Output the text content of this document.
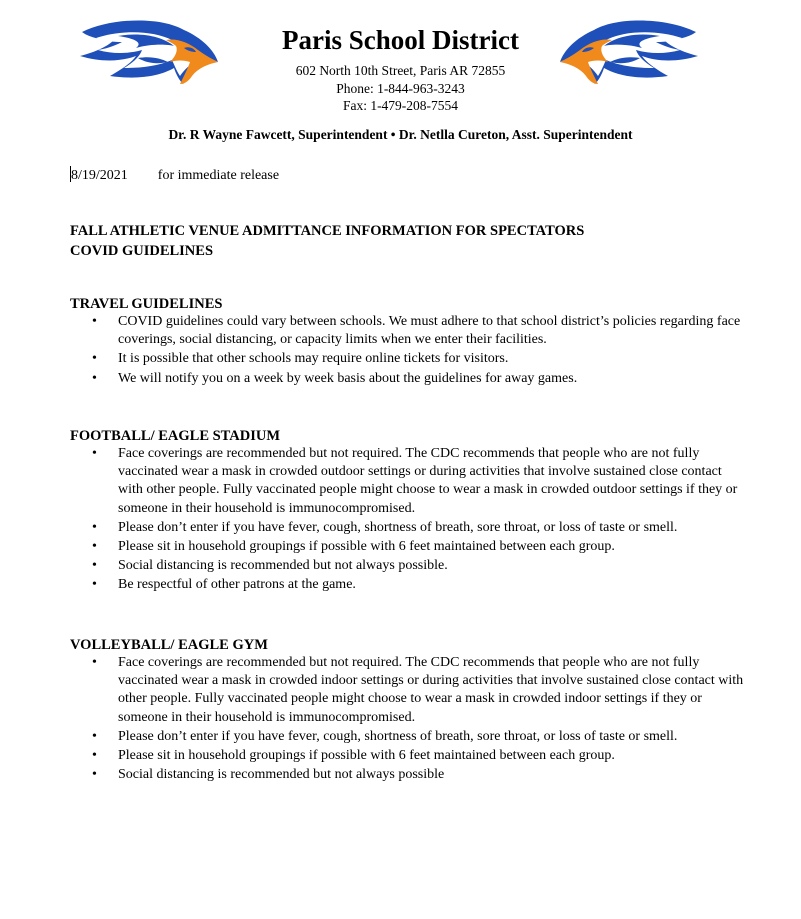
Paris School District
602 North 10th Street, Paris AR 72855
Phone: 1-844-963-3243
Fax: 1-479-208-7554
Dr. R Wayne Fawcett, Superintendent • Dr. Netlla Cureton, Asst. Superintendent
8/19/2021 for immediate release
FALL ATHLETIC VENUE ADMITTANCE INFORMATION FOR SPECTATORS
COVID GUIDELINES
TRAVEL GUIDELINES
• COVID guidelines could vary between schools. We must adhere to that school district’s policies regarding face coverings, social distancing, or capacity limits when we enter their facilities.
• It is possible that other schools may require online tickets for visitors.
• We will notify you on a week by week basis about the guidelines for away games.
FOOTBALL/ EAGLE STADIUM
• Face coverings are recommended but not required. The CDC recommends that people who are not fully vaccinated wear a mask in crowded outdoor settings or during activities that involve sustained close contact with other people. Fully vaccinated people might choose to wear a mask in crowded outdoor settings if they or someone in their household is immunocompromised.
• Please don’t enter if you have fever, cough, shortness of breath, sore throat, or loss of taste or smell.
• Please sit in household groupings if possible with 6 feet maintained between each group.
• Social distancing is recommended but not always possible.
• Be respectful of other patrons at the game.
VOLLEYBALL/ EAGLE GYM
• Face coverings are recommended but not required. The CDC recommends that people who are not fully vaccinated wear a mask in crowded indoor settings or during activities that involve sustained close contact with other people. Fully vaccinated people might choose to wear a mask in crowded indoor settings if they or someone in their household is immunocompromised.
• Please don’t enter if you have fever, cough, shortness of breath, sore throat, or loss of taste or smell.
• Please sit in household groupings if possible with 6 feet maintained between each group.
• Social distancing is recommended but not always possible
